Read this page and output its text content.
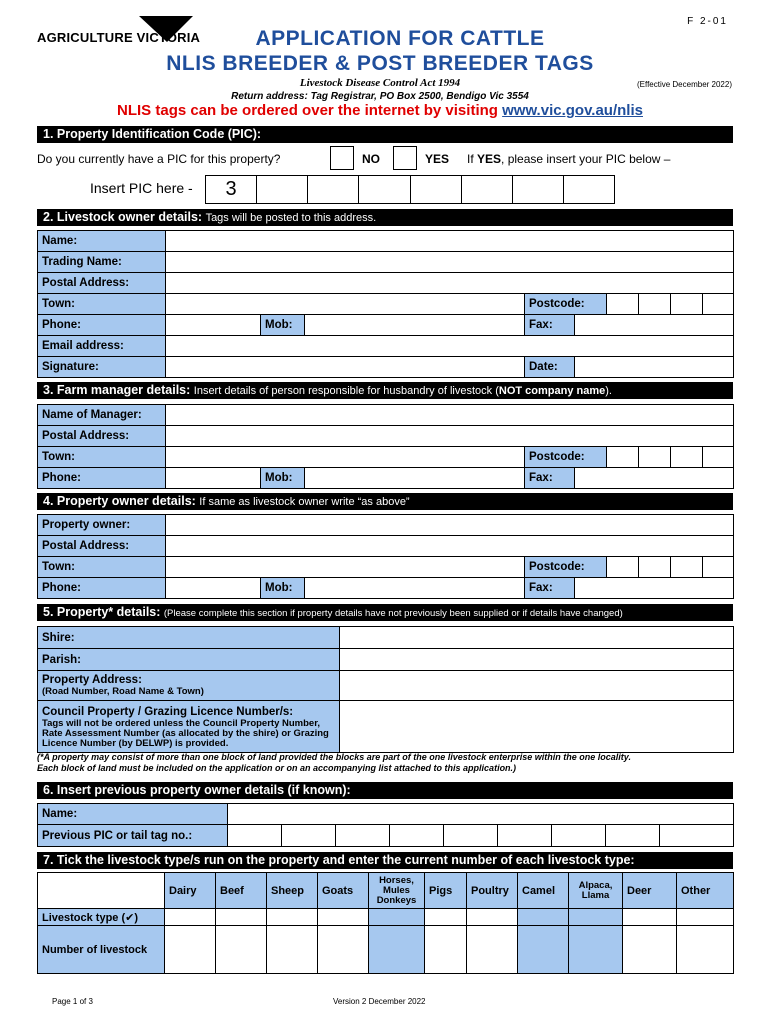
AGRICULTURE VICTORIA
F 2-01
APPLICATION FOR CATTLE
NLIS BREEDER & POST BREEDER TAGS
Livestock Disease Control Act 1994	(Effective December 2022)
Return address: Tag Registrar, PO Box 2500, Bendigo Vic 3554
NLIS tags can be ordered over the internet by visiting www.vic.gov.au/nlis
1. Property Identification Code (PIC):
Do you currently have a PIC for this property?	NO	YES If YES, please insert your PIC below –
Insert PIC here - 3							
2. Livestock owner details: Tags will be posted to this address.
Name:									
Trading Name:									
Postal Address:									
Town:				Postcode:					
Phone:		Mob:		Fax:					
Email address:									
Signature:				Date:					
3. Farm manager details: Insert details of person responsible for husbandry of livestock (NOT company name).
Name of Manager:									
Postal Address:									
Town:				Postcode:					
Phone:		Mob:		Fax:					
4. Property owner details: If same as livestock owner write “as above”
Property owner:									
Postal Address:									
Town:				Postcode:					
Phone:		Mob:		Fax:					
5. Property* details: (Please complete this section if property details have not previously been supplied or if details have changed)
Shire:	
Parish:	

Property Address:
(Road Number, Road Name & Town)	

Council Property / Grazing Licence Number/s:
Tags will not be ordered unless the Council Property Number, Rate Assessment Number (as allocated by the shire) or Grazing Licence Number (by DELWP) is provided.	

(*A property may consist of more than one block of land provided the blocks are part of the one livestock enterprise within the one locality.
Each block of land must be included on the application or on an accompanying list attached to this application.)
6. Insert previous property owner details (if known):
Name:									
Previous PIC or tail tag no.:									
7. Tick the livestock type/s run on the property and enter the current number of each livestock type:
	Dairy	Beef	Sheep	Goats	Horses, Mules Donkeys	Pigs	Poultry	Camel	Alpaca, Llama	Deer	Other
Livestock type (✔)											
Number of livestock											
Page 1 of 3	Version 2 December 2022
